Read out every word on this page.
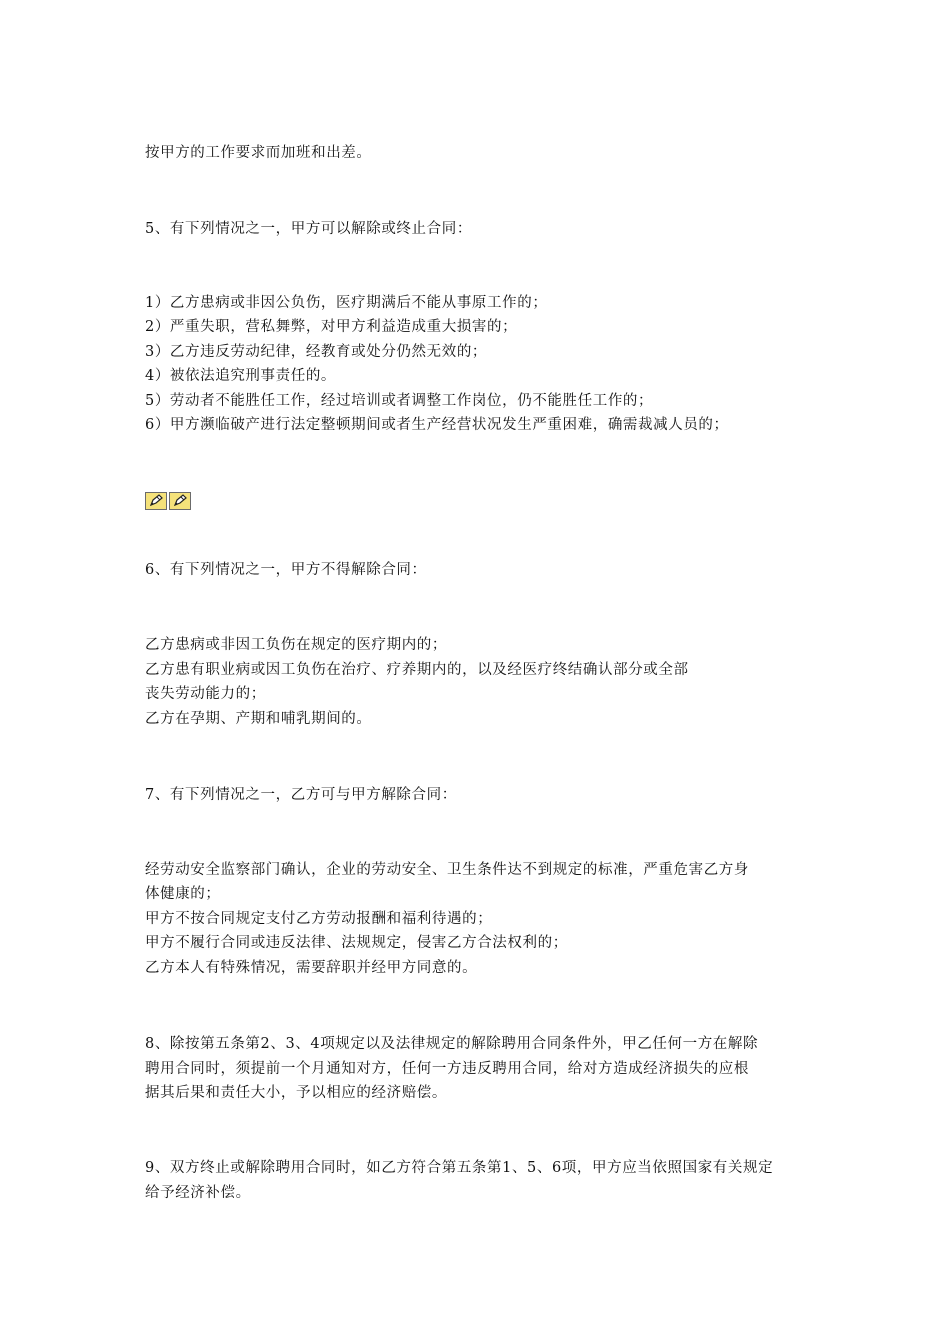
按甲方的工作要求而加班和出差。

5、有下列情况之一，甲方可以解除或终止合同：

1）乙方患病或非因公负伤，医疗期满后不能从事原工作的；

2）严重失职，营私舞弊，对甲方利益造成重大损害的；

3）乙方违反劳动纪律，经教育或处分仍然无效的；

4）被依法追究刑事责任的。

5）劳动者不能胜任工作，经过培训或者调整工作岗位，仍不能胜任工作的；

6）甲方濒临破产进行法定整顿期间或者生产经营状况发生严重困难，确需裁减人员的；

6、有下列情况之一，甲方不得解除合同：

乙方患病或非因工负伤在规定的医疗期内的；

乙方患有职业病或因工负伤在治疗、疗养期内的，以及经医疗终结确认部分或全部

丧失劳动能力的；

乙方在孕期、产期和哺乳期间的。

7、有下列情况之一，乙方可与甲方解除合同：

经劳动安全监察部门确认，企业的劳动安全、卫生条件达不到规定的标准，严重危害乙方身

体健康的；

甲方不按合同规定支付乙方劳动报酬和福利待遇的；

甲方不履行合同或违反法律、法规规定，侵害乙方合法权利的；

乙方本人有特殊情况，需要辞职并经甲方同意的。

8、除按第五条第2、3、4项规定以及法律规定的解除聘用合同条件外，甲乙任何一方在解除

聘用合同时，须提前一个月通知对方，任何一方违反聘用合同，给对方造成经济损失的应根

据其后果和责任大小，予以相应的经济赔偿。

9、双方终止或解除聘用合同时，如乙方符合第五条第1、5、6项，甲方应当依照国家有关规定

给予经济补偿。
